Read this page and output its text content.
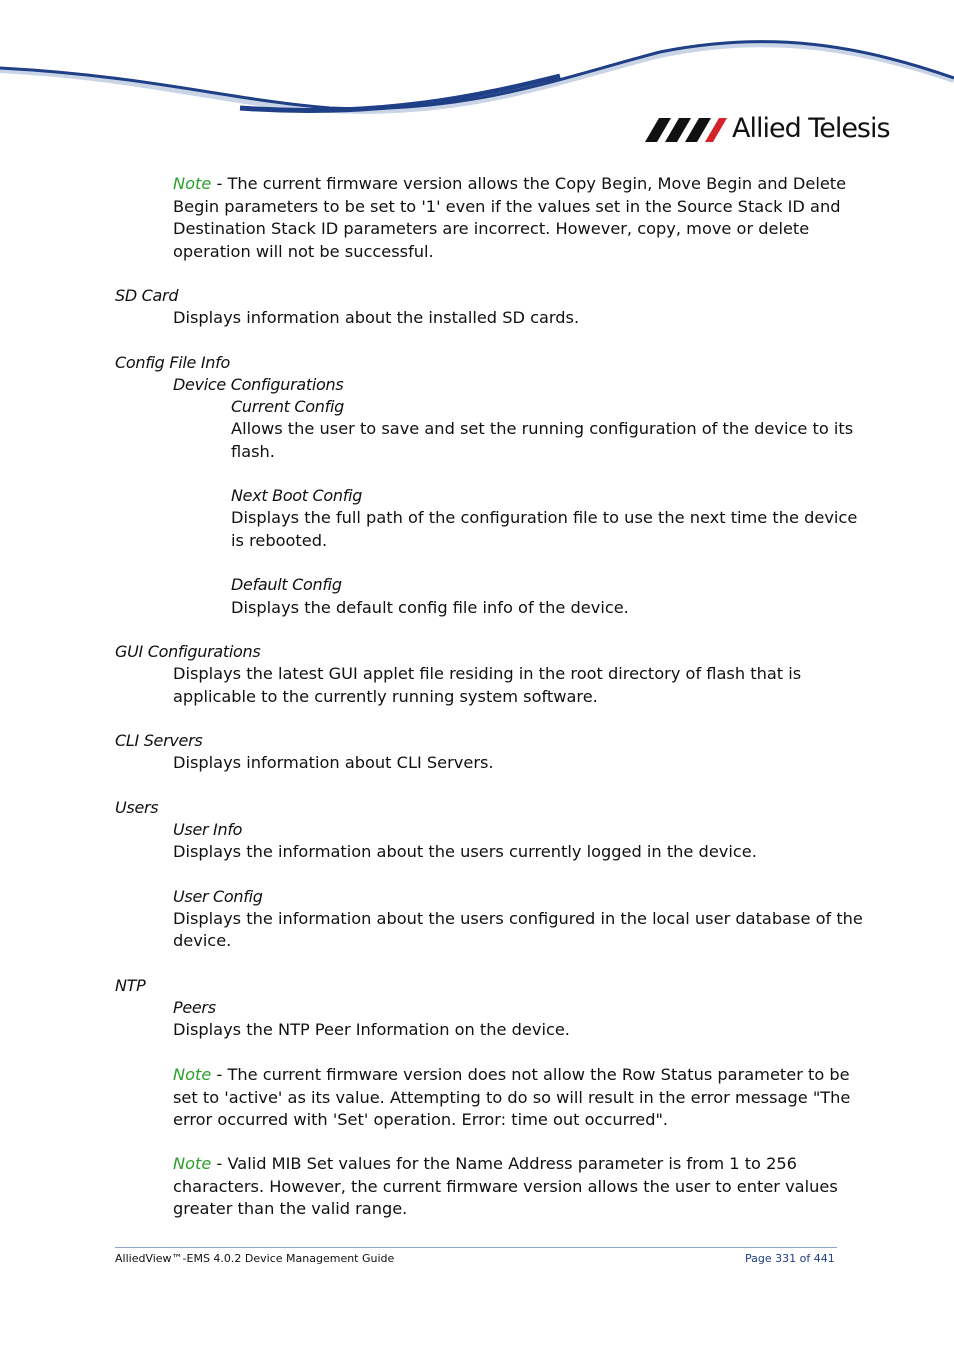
Allied Telesis
Note - The current firmware version allows the Copy Begin, Move Begin and Delete
Begin parameters to be set to '1' even if the values set in the Source Stack ID and
Destination Stack ID parameters are incorrect. However, copy, move or delete
operation will not be successful.
SD Card
Displays information about the installed SD cards.
Config File Info
Device Configurations
Current Config
Allows the user to save and set the running configuration of the device to its
flash.
Next Boot Config
Displays the full path of the configuration file to use the next time the device
is rebooted.
Default Config
Displays the default config file info of the device.
GUI Configurations
Displays the latest GUI applet file residing in the root directory of flash that is
applicable to the currently running system software.
CLI Servers
Displays information about CLI Servers.
Users
User Info
Displays the information about the users currently logged in the device.
User Config
Displays the information about the users configured in the local user database of the
device.
NTP
Peers
Displays the NTP Peer Information on the device.
Note - The current firmware version does not allow the Row Status parameter to be
set to 'active' as its value. Attempting to do so will result in the error message "The
error occurred with 'Set' operation. Error: time out occurred".
Note - Valid MIB Set values for the Name Address parameter is from 1 to 256
characters. However, the current firmware version allows the user to enter values
greater than the valid range.
AlliedView™-EMS 4.0.2 Device Management Guide	Page 331 of 441
